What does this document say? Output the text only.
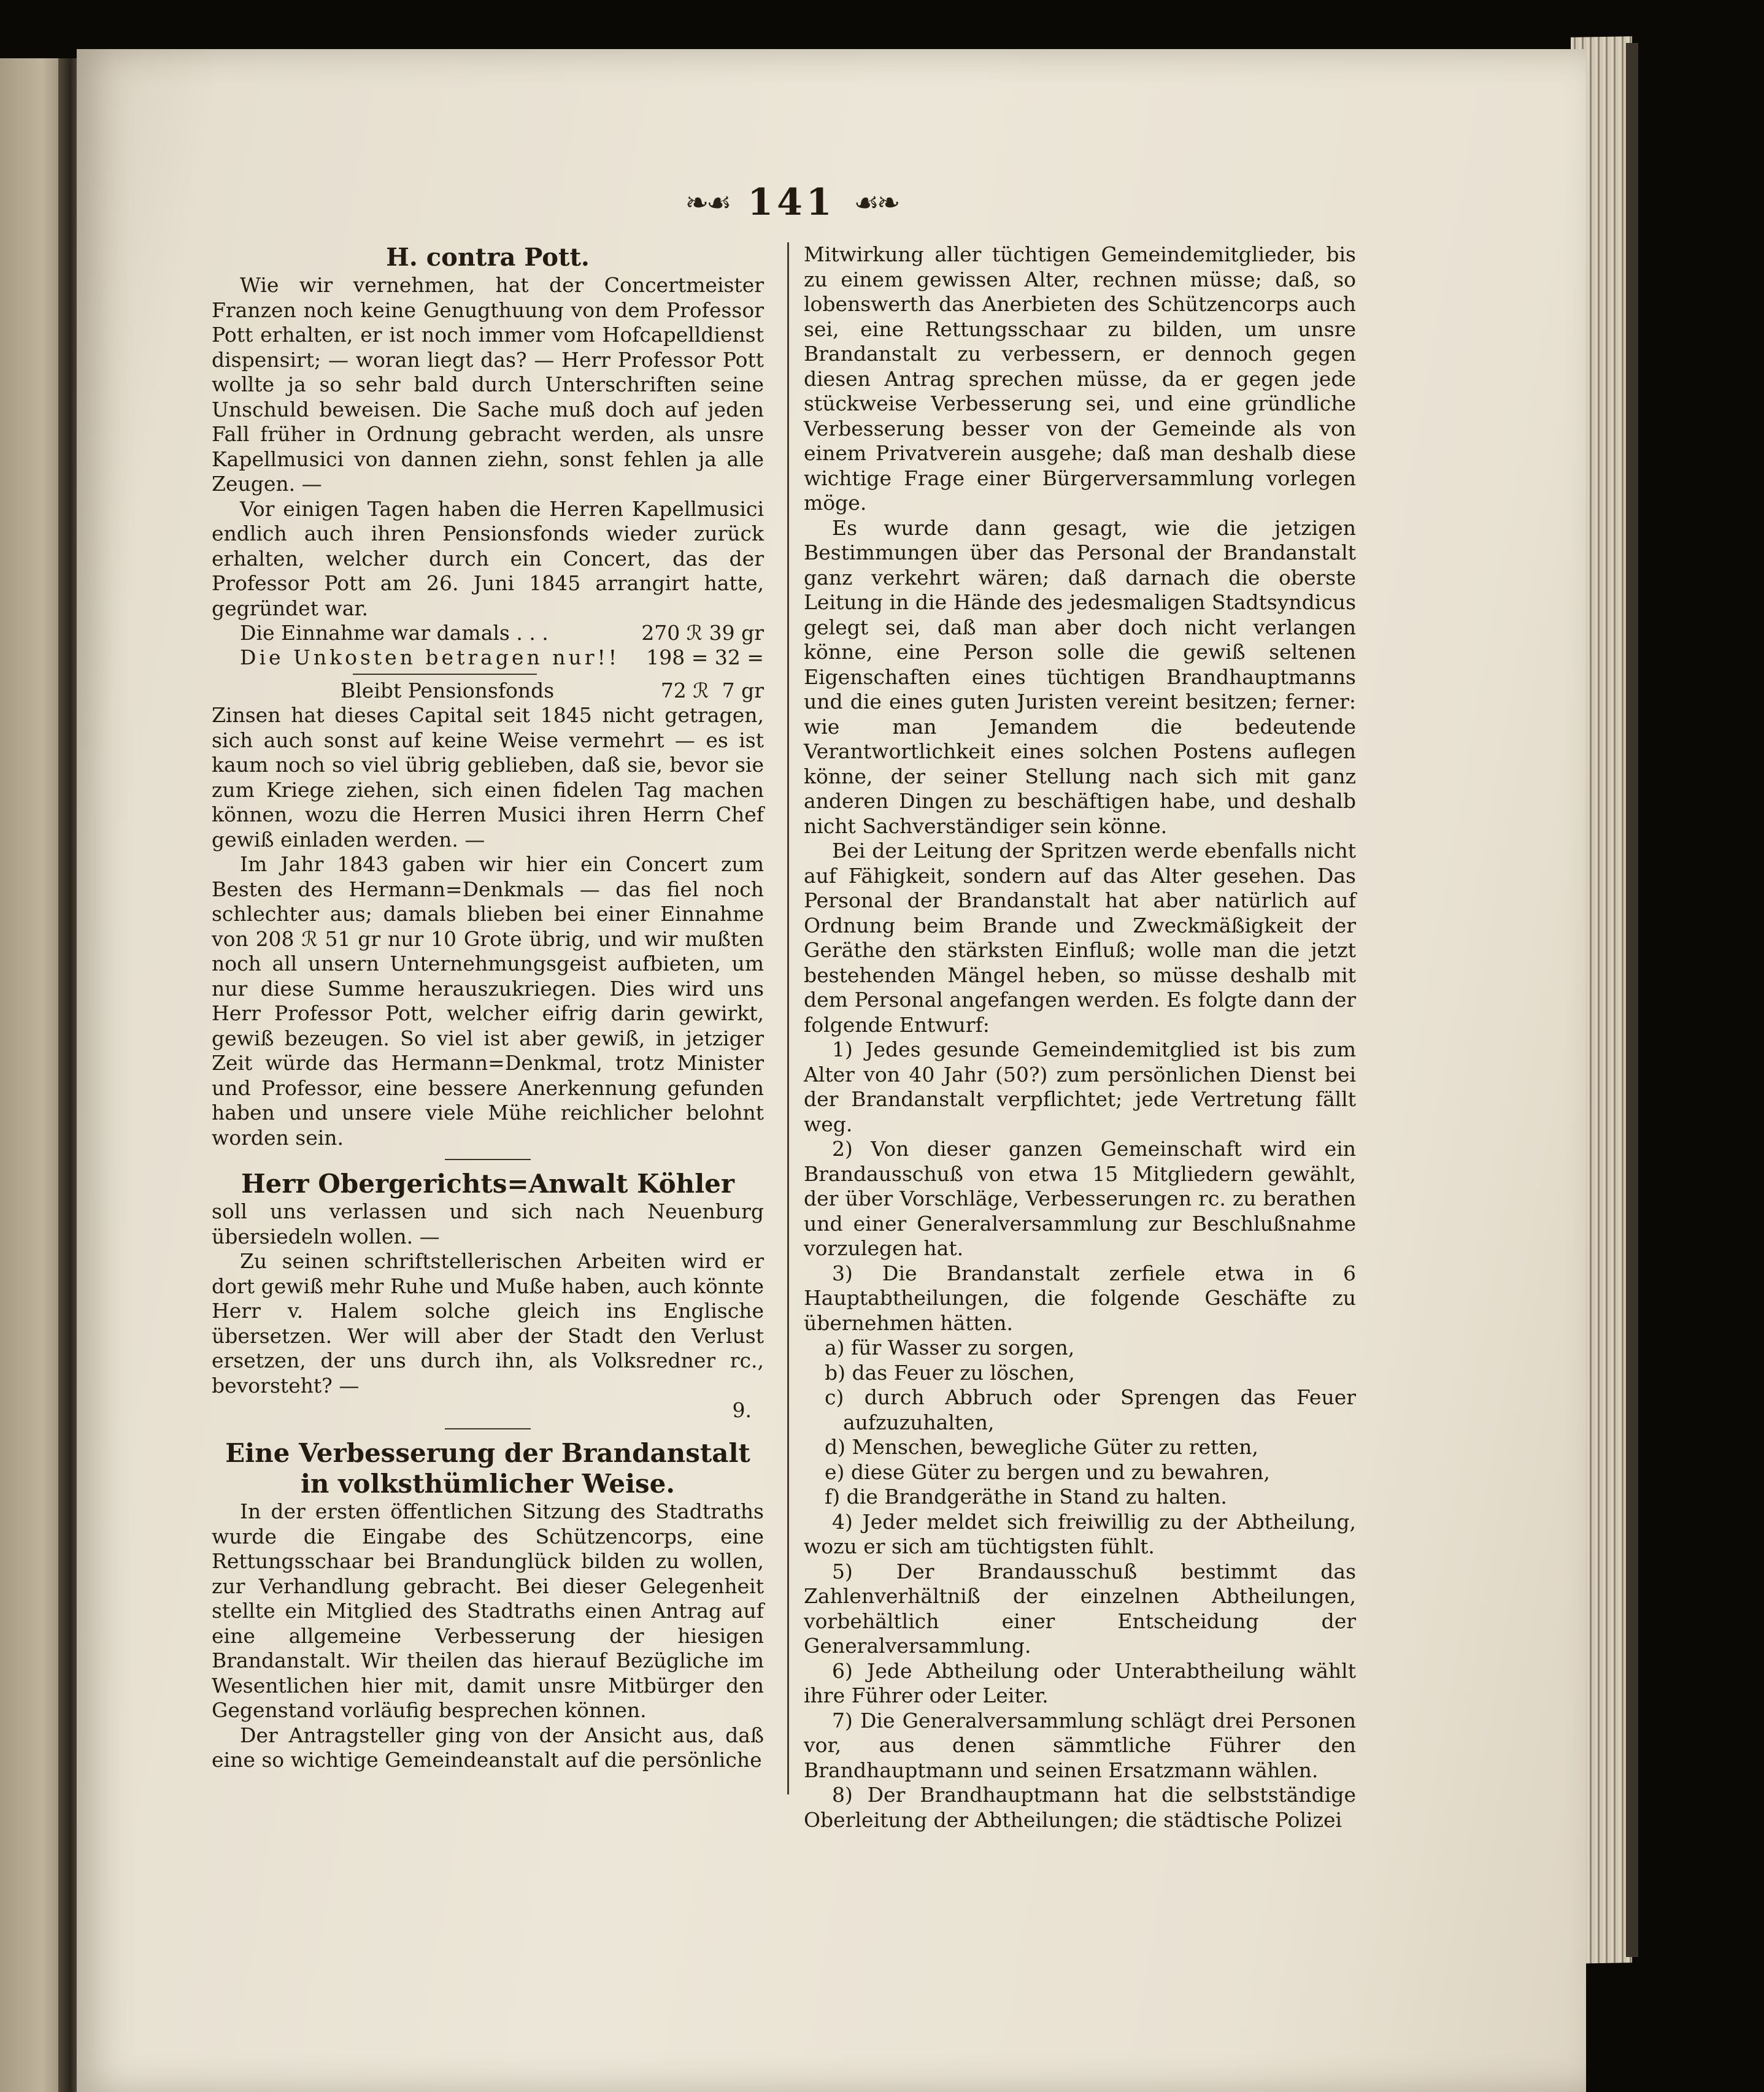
❧☙ 141 ☙❧
H. contra Pott.

Wie wir vernehmen, hat der Concertmeister Franzen noch keine Genugthuung von dem Professor Pott erhalten, er ist noch immer vom Hofcapelldienst dispensirt; — woran liegt das? — Herr Professor Pott wollte ja so sehr bald durch Unterschriften seine Unschuld beweisen. Die Sache muß doch auf jeden Fall früher in Ordnung gebracht werden, als unsre Kapellmusici von dannen ziehn, sonst fehlen ja alle Zeugen. —

Vor einigen Tagen haben die Herren Kapellmusici endlich auch ihren Pensionsfonds wieder zurück erhalten, welcher durch ein Concert, das der Professor Pott am 26. Juni 1845 arrangirt hatte, gegründet war.

Die Einnahme war damals . . .	270 ℛ 39 gr
Die Unkosten betragen nur!! 198 = 32 =
Bleibt Pensionsfonds	72 ℛ  7 gr

Zinsen hat dieses Capital seit 1845 nicht getragen, sich auch sonst auf keine Weise vermehrt — es ist kaum noch so viel übrig geblieben, daß sie, bevor sie zum Kriege ziehen, sich einen fidelen Tag machen können, wozu die Herren Musici ihren Herrn Chef gewiß einladen werden. —

Im Jahr 1843 gaben wir hier ein Concert zum Besten des Hermann=Denkmals — das fiel noch schlechter aus; damals blieben bei einer Einnahme von 208 ℛ 51 gr nur 10 Grote übrig, und wir mußten noch all unsern Unternehmungsgeist aufbieten, um nur diese Summe herauszukriegen. Dies wird uns Herr Professor Pott, welcher eifrig darin gewirkt, gewiß bezeugen. So viel ist aber gewiß, in jetziger Zeit würde das Hermann=Denkmal, trotz Minister und Professor, eine bessere Anerkennung gefunden haben und unsere viele Mühe reichlicher belohnt worden sein.

Herr Obergerichts=Anwalt Köhler

soll uns verlassen und sich nach Neuenburg übersiedeln wollen. —

Zu seinen schriftstellerischen Arbeiten wird er dort gewiß mehr Ruhe und Muße haben, auch könnte Herr v. Halem solche gleich ins Englische übersetzen. Wer will aber der Stadt den Verlust ersetzen, der uns durch ihn, als Volksredner rc., bevorsteht? —

9.
Eine Verbesserung der Brandanstalt in volksthümlicher Weise.

In der ersten öffentlichen Sitzung des Stadtraths wurde die Eingabe des Schützencorps, eine Rettungsschaar bei Brandunglück bilden zu wollen, zur Verhandlung gebracht. Bei dieser Gelegenheit stellte ein Mitglied des Stadtraths einen Antrag auf eine allgemeine Verbesserung der hiesigen Brandanstalt. Wir theilen das hierauf Bezügliche im Wesentlichen hier mit, damit unsre Mitbürger den Gegenstand vorläufig besprechen können.

Der Antragsteller ging von der Ansicht aus, daß eine so wichtige Gemeindeanstalt auf die persönliche

Mitwirkung aller tüchtigen Gemeindemitglieder, bis zu einem gewissen Alter, rechnen müsse; daß, so lobenswerth das Anerbieten des Schützencorps auch sei, eine Rettungsschaar zu bilden, um unsre Brandanstalt zu verbessern, er dennoch gegen diesen Antrag sprechen müsse, da er gegen jede stückweise Verbesserung sei, und eine gründliche Verbesserung besser von der Gemeinde als von einem Privatverein ausgehe; daß man deshalb diese wichtige Frage einer Bürgerversammlung vorlegen möge.

Es wurde dann gesagt, wie die jetzigen Bestimmungen über das Personal der Brandanstalt ganz verkehrt wären; daß darnach die oberste Leitung in die Hände des jedesmaligen Stadtsyndicus gelegt sei, daß man aber doch nicht verlangen könne, eine Person solle die gewiß seltenen Eigenschaften eines tüchtigen Brandhauptmanns und die eines guten Juristen vereint besitzen; ferner: wie man Jemandem die bedeutende Verantwortlichkeit eines solchen Postens auflegen könne, der seiner Stellung nach sich mit ganz anderen Dingen zu beschäftigen habe, und deshalb nicht Sachverständiger sein könne.

Bei der Leitung der Spritzen werde ebenfalls nicht auf Fähigkeit, sondern auf das Alter gesehen. Das Personal der Brandanstalt hat aber natürlich auf Ordnung beim Brande und Zweckmäßigkeit der Geräthe den stärksten Einfluß; wolle man die jetzt bestehenden Mängel heben, so müsse deshalb mit dem Personal angefangen werden. Es folgte dann der folgende Entwurf:

1) Jedes gesunde Gemeindemitglied ist bis zum Alter von 40 Jahr (50?) zum persönlichen Dienst bei der Brandanstalt verpflichtet; jede Vertretung fällt weg.

2) Von dieser ganzen Gemeinschaft wird ein Brandausschuß von etwa 15 Mitgliedern gewählt, der über Vorschläge, Verbesserungen rc. zu berathen und einer Generalversammlung zur Beschlußnahme vorzulegen hat.

3) Die Brandanstalt zerfiele etwa in 6 Hauptabtheilungen, die folgende Geschäfte zu übernehmen hätten.

a) für Wasser zu sorgen,

b) das Feuer zu löschen,

c) durch Abbruch oder Sprengen das Feuer aufzuzuhalten,

d) Menschen, bewegliche Güter zu retten,

e) diese Güter zu bergen und zu bewahren,

f) die Brandgeräthe in Stand zu halten.

4) Jeder meldet sich freiwillig zu der Abtheilung, wozu er sich am tüchtigsten fühlt.

5) Der Brandausschuß bestimmt das Zahlenverhältniß der einzelnen Abtheilungen, vorbehältlich einer Entscheidung der Generalversammlung.

6) Jede Abtheilung oder Unterabtheilung wählt ihre Führer oder Leiter.

7) Die Generalversammlung schlägt drei Personen vor, aus denen sämmtliche Führer den Brandhauptmann und seinen Ersatzmann wählen.

8) Der Brandhauptmann hat die selbstständige Oberleitung der Abtheilungen; die städtische Polizei
